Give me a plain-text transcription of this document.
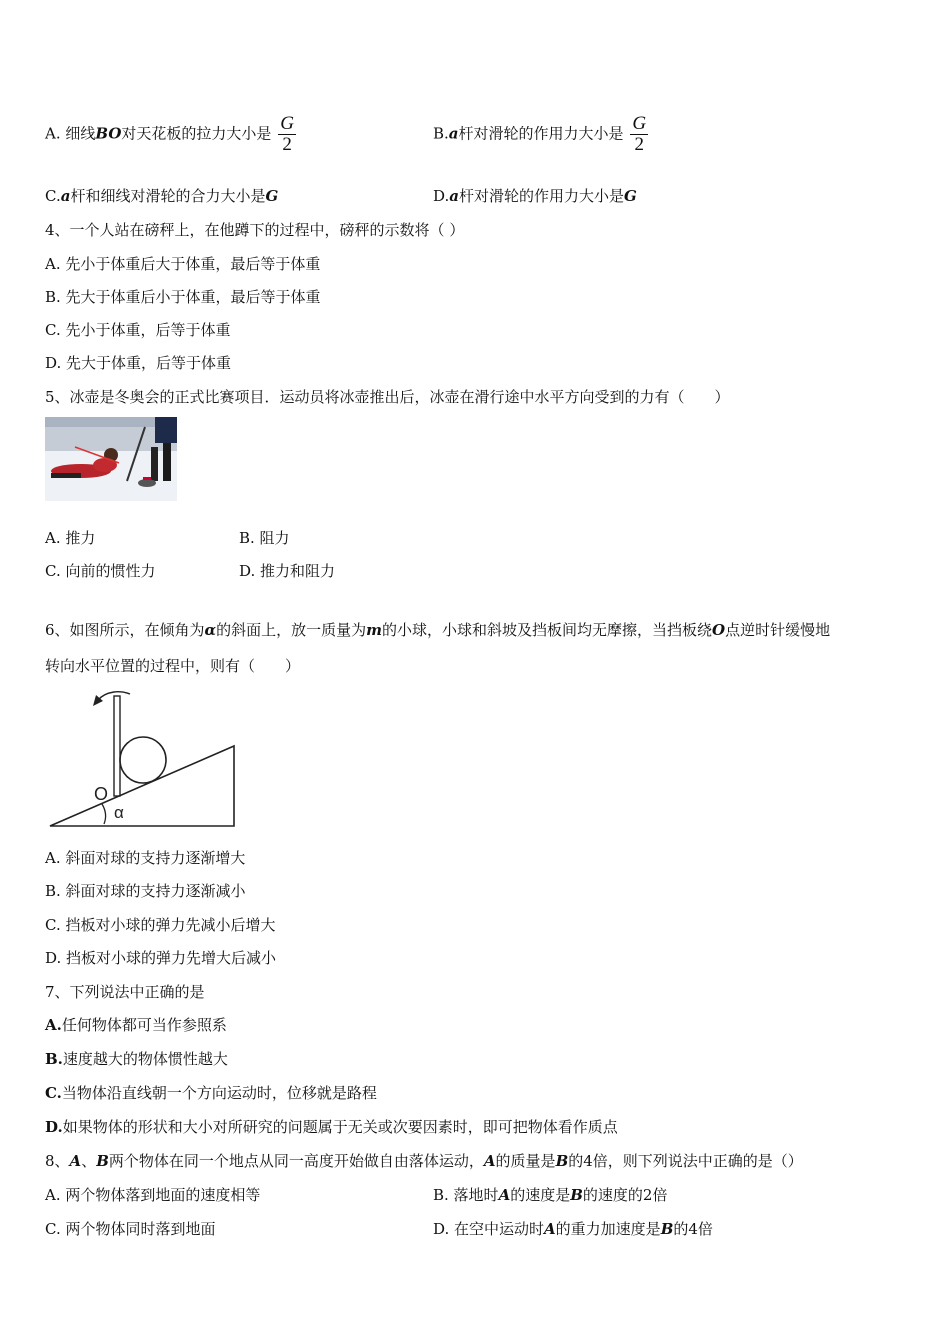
A. 细线BO对天花板的拉力大小是 $\frac{G}{2}$	B.a杆对滑轮的作用力大小是 $\frac{G}{2}$
C.a杆和细线对滑轮的合力大小是G	D.a杆对滑轮的作用力大小是G
4、一个人站在磅秤上，在他蹲下的过程中，磅秤的示数将（ ）
A. 先小于体重后大于体重，最后等于体重
B. 先大于体重后小于体重，最后等于体重
C. 先小于体重，后等于体重
D. 先大于体重，后等于体重
5、冰壶是冬奥会的正式比赛项目．运动员将冰壶推出后，冰壶在滑行途中水平方向受到的力有（　　）
A. 推力	B. 阻力
C. 向前的惯性力	D. 推力和阻力
6、如图所示，在倾角为α的斜面上，放一质量为m的小球，小球和斜坡及挡板间均无摩擦，当挡板绕O点逆时针缓慢地
转向水平位置的过程中，则有（　　）
O
α
A. 斜面对球的支持力逐渐增大
B. 斜面对球的支持力逐渐减小
C. 挡板对小球的弹力先减小后增大
D. 挡板对小球的弹力先增大后减小
7、下列说法中正确的是
A.任何物体都可当作参照系
B.速度越大的物体惯性越大
C.当物体沿直线朝一个方向运动时，位移就是路程
D.如果物体的形状和大小对所研究的问题属于无关或次要因素时，即可把物体看作质点
8、A、B两个物体在同一个地点从同一高度开始做自由落体运动，A的质量是B的4倍，则下列说法中正确的是（）
A. 两个物体落到地面的速度相等	B. 落地时A的速度是B的速度的2倍
C. 两个物体同时落到地面	D. 在空中运动时A的重力加速度是B的4倍
